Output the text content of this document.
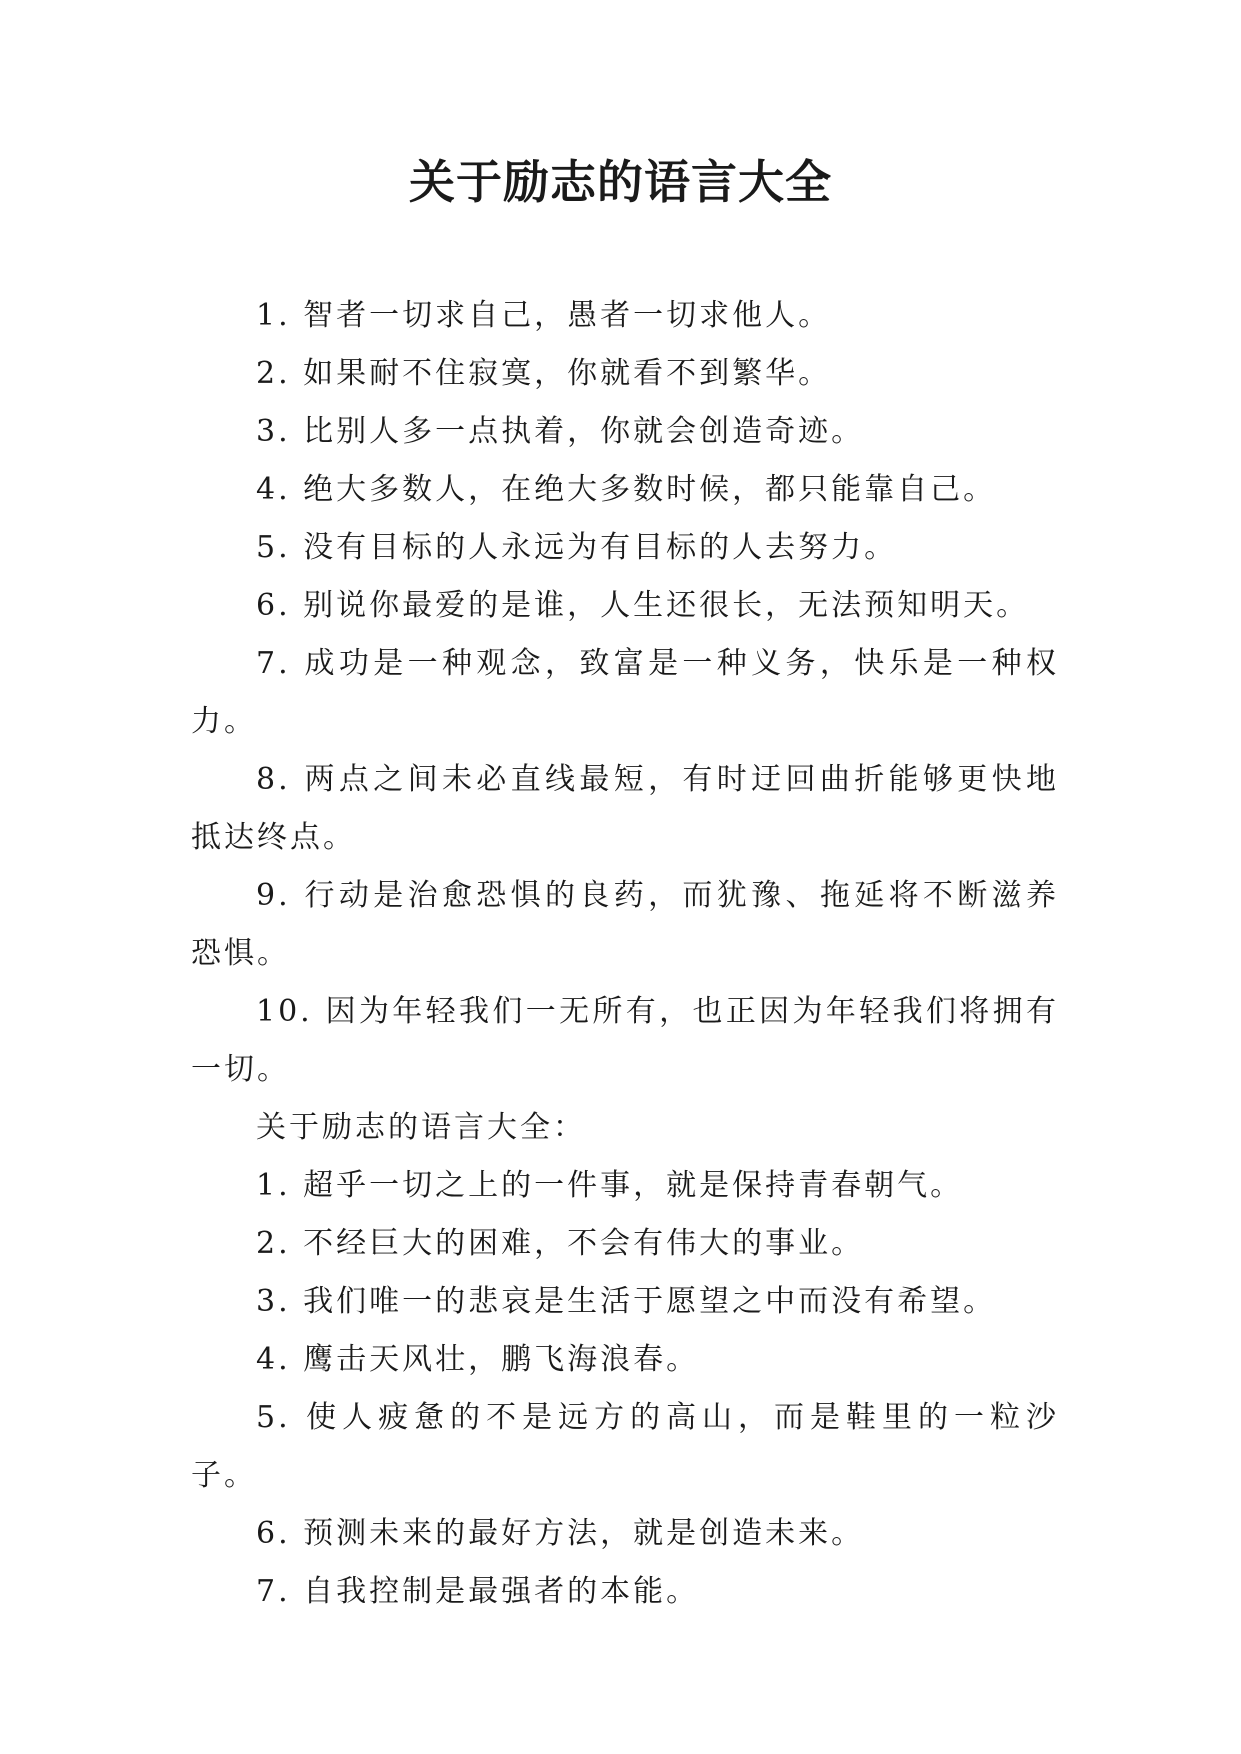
关于励志的语言大全

1. 智者一切求自己，愚者一切求他人。

2. 如果耐不住寂寞，你就看不到繁华。

3. 比别人多一点执着，你就会创造奇迹。

4. 绝大多数人，在绝大多数时候，都只能靠自己。

5. 没有目标的人永远为有目标的人去努力。

6. 别说你最爱的是谁，人生还很长，无法预知明天。

7. 成功是一种观念，致富是一种义务，快乐是一种权力。

8. 两点之间未必直线最短，有时迂回曲折能够更快地抵达终点。

9. 行动是治愈恐惧的良药，而犹豫、拖延将不断滋养恐惧。

10. 因为年轻我们一无所有，也正因为年轻我们将拥有一切。

关于励志的语言大全：

1. 超乎一切之上的一件事，就是保持青春朝气。

2. 不经巨大的困难，不会有伟大的事业。

3. 我们唯一的悲哀是生活于愿望之中而没有希望。

4. 鹰击天风壮，鹏飞海浪春。

5. 使人疲惫的不是远方的高山，而是鞋里的一粒沙子。

6. 预测未来的最好方法，就是创造未来。

7. 自我控制是最强者的本能。
